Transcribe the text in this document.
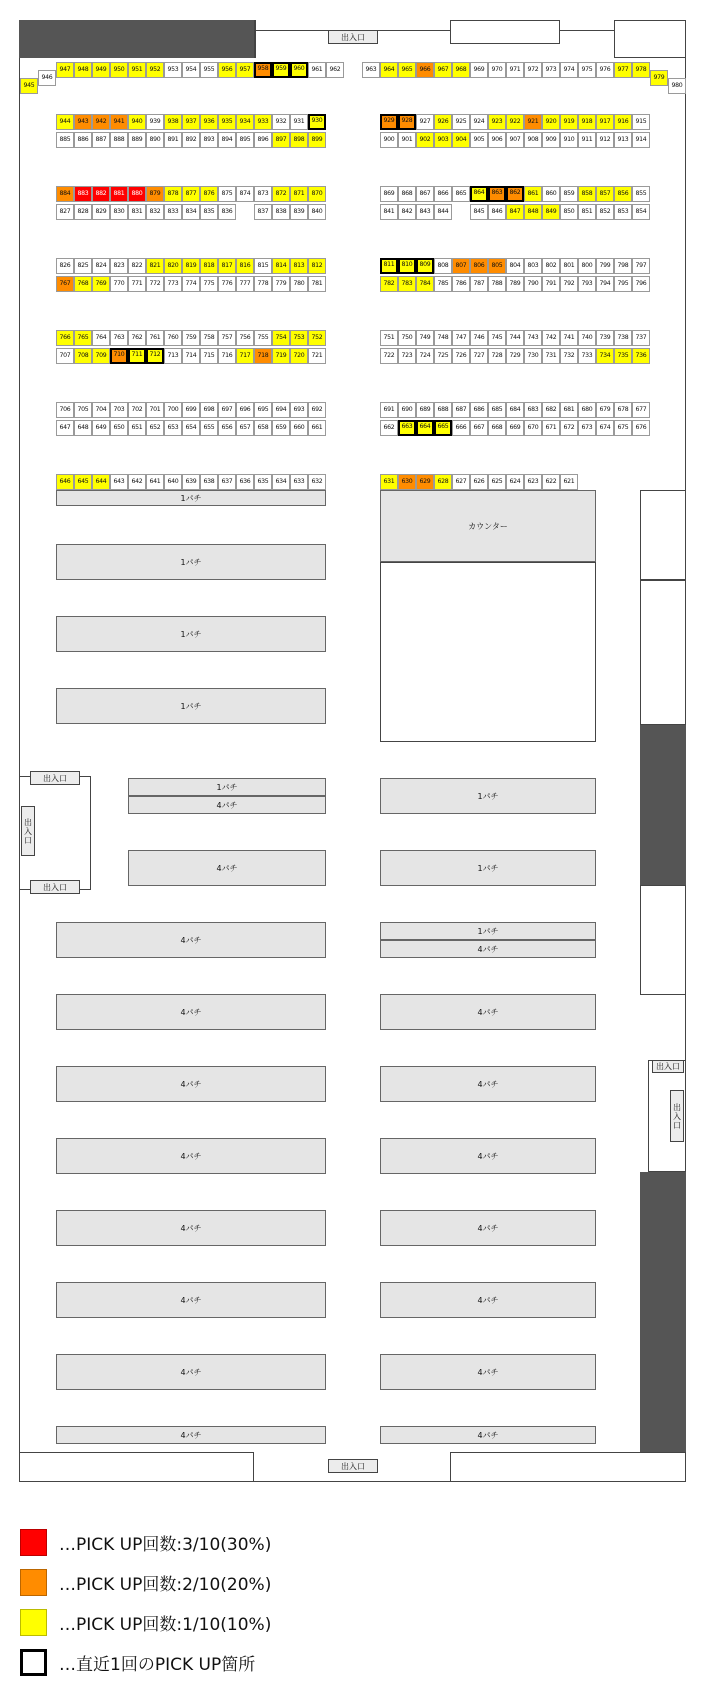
出入口
出入口
出入口
出入口
出入口
出入口
出入口
945
946
947	948	949	950	951	952	953	954	955	956	957	958	959	960	961	962	963	964	965	966	967	968	969	970	971	972	973	974	975	976	977	978
979
980
944	943	942	941	940	939	938	937	936	935	934	933	932	931	930
885	886	887	888	889	890	891	892	893	894	895	896	897	898	899
884	883	882	881	880	879	878	877	876	875	874	873	872	871	870
827	828	829	830	831	832	833	834	835	836	837	838	839	840
826	825	824	823	822	821	820	819	818	817	816	815	814	813	812
767	768	769	770	771	772	773	774	775	776	777	778	779	780	781
766	765	764	763	762	761	760	759	758	757	756	755	754	753	752
707	708	709	710	711	712	713	714	715	716	717	718	719	720	721
706	705	704	703	702	701	700	699	698	697	696	695	694	693	692
647	648	649	650	651	652	653	654	655	656	657	658	659	660	661
646	645	644	643	642	641	640	639	638	637	636	635	634	633	632
929	928	927	926	925	924	923	922	921	920	919	918	917	916	915
900	901	902	903	904	905	906	907	908	909	910	911	912	913	914
869	868	867	866	865	864	863	862	861	860	859	858	857	856	855
841	842	843	844	845	846	847	848	849	850	851	852	853	854
811	810	809	808	807	806	805	804	803	802	801	800	799	798	797
782	783	784	785	786	787	788	789	790	791	792	793	794	795	796
751	750	749	748	747	746	745	744	743	742	741	740	739	738	737
722	723	724	725	726	727	728	729	730	731	732	733	734	735	736
691	690	689	688	687	686	685	684	683	682	681	680	679	678	677
662	663	664	665	666	667	668	669	670	671	672	673	674	675	676
631	630	629	628	627	626	625	624	623	622	621
1パチ
1パチ
1パチ
1パチ
1パチ
4パチ
4パチ
4パチ
4パチ
4パチ
4パチ
4パチ
4パチ
4パチ
4パチ
カウンター
1パチ
1パチ
1パチ
4パチ
4パチ
4パチ
4パチ
4パチ
4パチ
4パチ
4パチ
…PICK UP回数:3/10(30%)
…PICK UP回数:2/10(20%)
…PICK UP回数:1/10(10%)
…直近1回のPICK UP箇所
